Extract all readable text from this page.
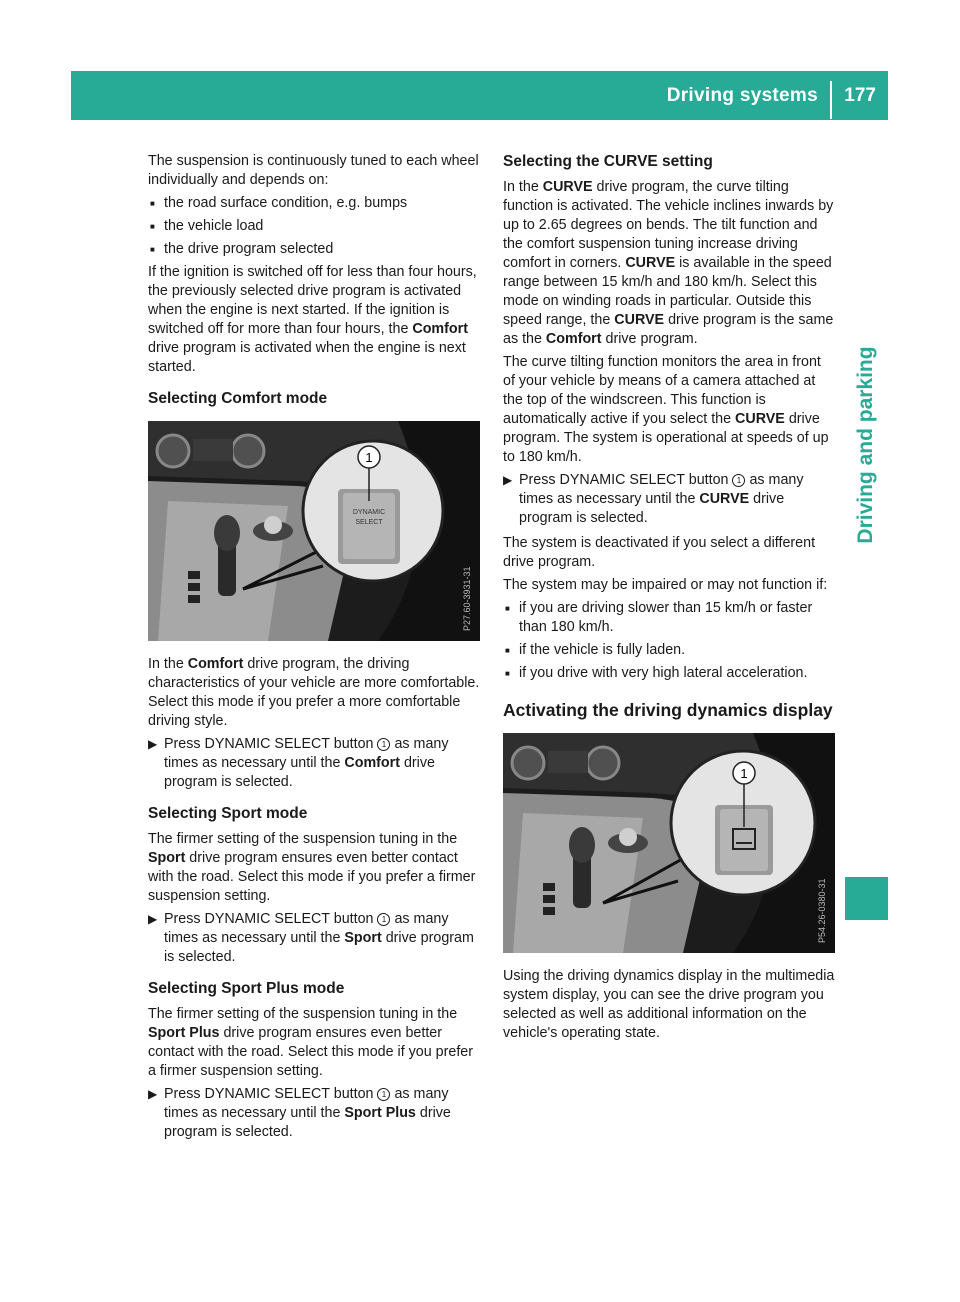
Driving systems 177
Driving and parking

The suspension is continuously tuned to each wheel individually and depends on:

■ the road surface condition, e.g. bumps
■ the vehicle load
■ the drive program selected

If the ignition is switched off for less than four hours, the previously selected drive program is activated when the engine is next started. If the ignition is switched off for more than four hours, the Comfort drive program is activated when the engine is next started.

Selecting Comfort mode
1
DYNAMIC
SELECT
P27.60-3931-31

In the Comfort drive program, the driving characteristics of your vehicle are more comfortable. Select this mode if you prefer a more comfortable driving style.

▶ Press DYNAMIC SELECT button 1 as many times as necessary until the Comfort drive program is selected.
Selecting Sport mode

The firmer setting of the suspension tuning in the Sport drive program ensures even better contact with the road. Select this mode if you prefer a firmer suspension setting.

▶ Press DYNAMIC SELECT button 1 as many times as necessary until the Sport drive program is selected.
Selecting Sport Plus mode

The firmer setting of the suspension tuning in the Sport Plus drive program ensures even better contact with the road. Select this mode if you prefer a firmer suspension setting.

▶ Press DYNAMIC SELECT button 1 as many times as necessary until the Sport Plus drive program is selected.
Selecting the CURVE setting

In the CURVE drive program, the curve tilting function is activated. The vehicle inclines inwards by up to 2.65 degrees on bends. The tilt function and the comfort suspension tuning increase driving comfort in corners. CURVE is available in the speed range between 15 km/h and 180 km/h. Select this mode on winding roads in particular. Outside this speed range, the CURVE drive program is the same as the Comfort drive program.

The curve tilting function monitors the area in front of your vehicle by means of a camera attached at the top of the windscreen. This function is automatically active if you select the CURVE drive program. The system is operational at speeds of up to 180 km/h.

▶ Press DYNAMIC SELECT button 1 as many times as necessary until the CURVE drive program is selected.

The system is deactivated if you select a different drive program.

The system may be impaired or may not function if:

■ if you are driving slower than 15 km/h or faster than 180 km/h.
■ if the vehicle is fully laden.
■ if you drive with very high lateral acceleration.
Activating the driving dynamics display
1
P54.26-0380-31

Using the driving dynamics display in the multimedia system display, you can see the drive program you selected as well as additional information on the vehicle's operating state.
